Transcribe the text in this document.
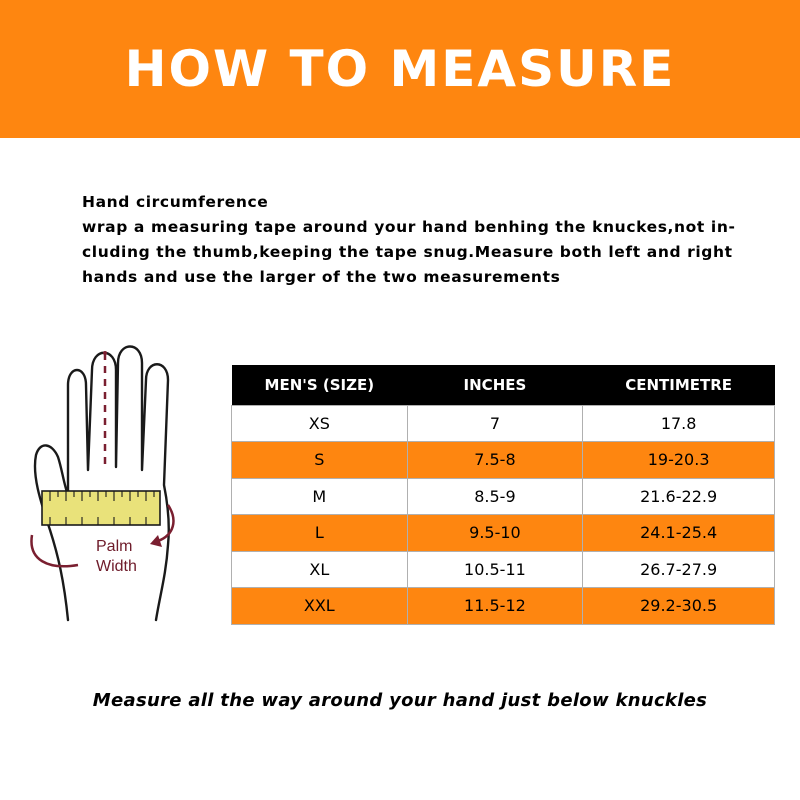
HOW TO MEASURE
Hand circumference
wrap a measuring tape around your hand benhing the knuckes,not in-cluding the thumb,keeping the tape snug.Measure both left and right hands and use the larger of the two measurements
Palm
Width
MEN'S (SIZE)	INCHES	CENTIMETRE
XS	7	17.8
S	7.5-8	19-20.3
M	8.5-9	21.6-22.9
L	9.5-10	24.1-25.4
XL	10.5-11	26.7-27.9
XXL	11.5-12	29.2-30.5
Measure all the way around your hand just below knuckles
